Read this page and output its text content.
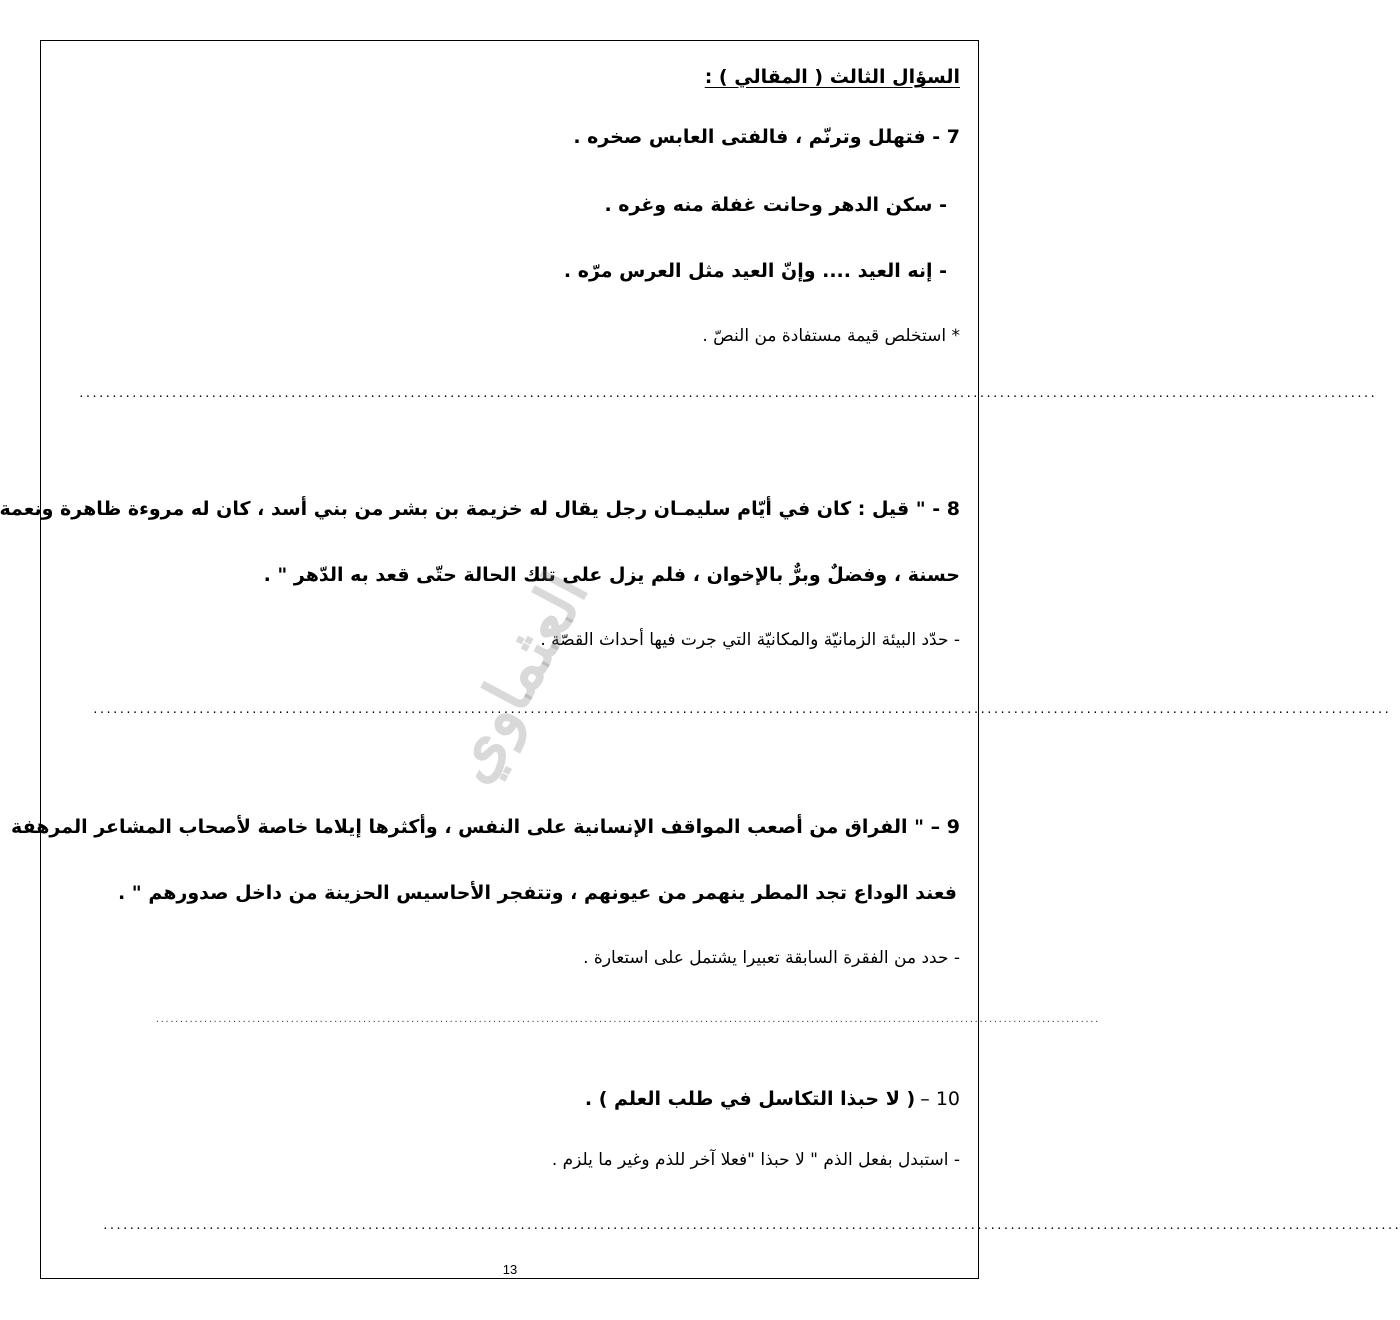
السؤال الثالث ( المقالي ) :
7 - فتهلل وترنّم ، فالفتى العابس صخره .
- سكن الدهر وحانت غفلة منه وغره .
- إنه العيد .... وإنّ العيد مثل العرس مرّه .
* استخلص قيمة مستفادة من النصّ .
....................................................................................................................................................................................................
8 - " قيل : كان في أيّام سليمـان رجل يقال له خزيمة بن بشر من بني أسد ، كان له مروءة ظاهرة ونعمة
حسنة ، وفضلٌ وبرٌّ بالإخوان ، فلم يزل على تلك الحالة حتّى قعد به الدّهر " .
- حدّد البيئة الزمانيّة والمكانيّة التي جرت فيها أحداث القصّة .
....................................................................................................................................................................................................
العثماوي
9 – " الفراق من أصعب المواقف الإنسانية على النفس ، وأكثرها إيلاما خاصة لأصحاب المشاعر المرهفة
فعند الوداع تجد المطر ينهمر من عيونهم ، وتتفجر الأحاسيس الحزينة من داخل صدورهم " .
- حدد من الفقرة السابقة تعبيرا يشتمل على استعارة .
....................................................................................................................................................................................................
10 – ( لا حبذا التكاسل في طلب العلم ) .
- استبدل بفعل الذم " لا حبذا "فعلا آخر للذم وغير ما يلزم .
....................................................................................................................................................................................................
13
